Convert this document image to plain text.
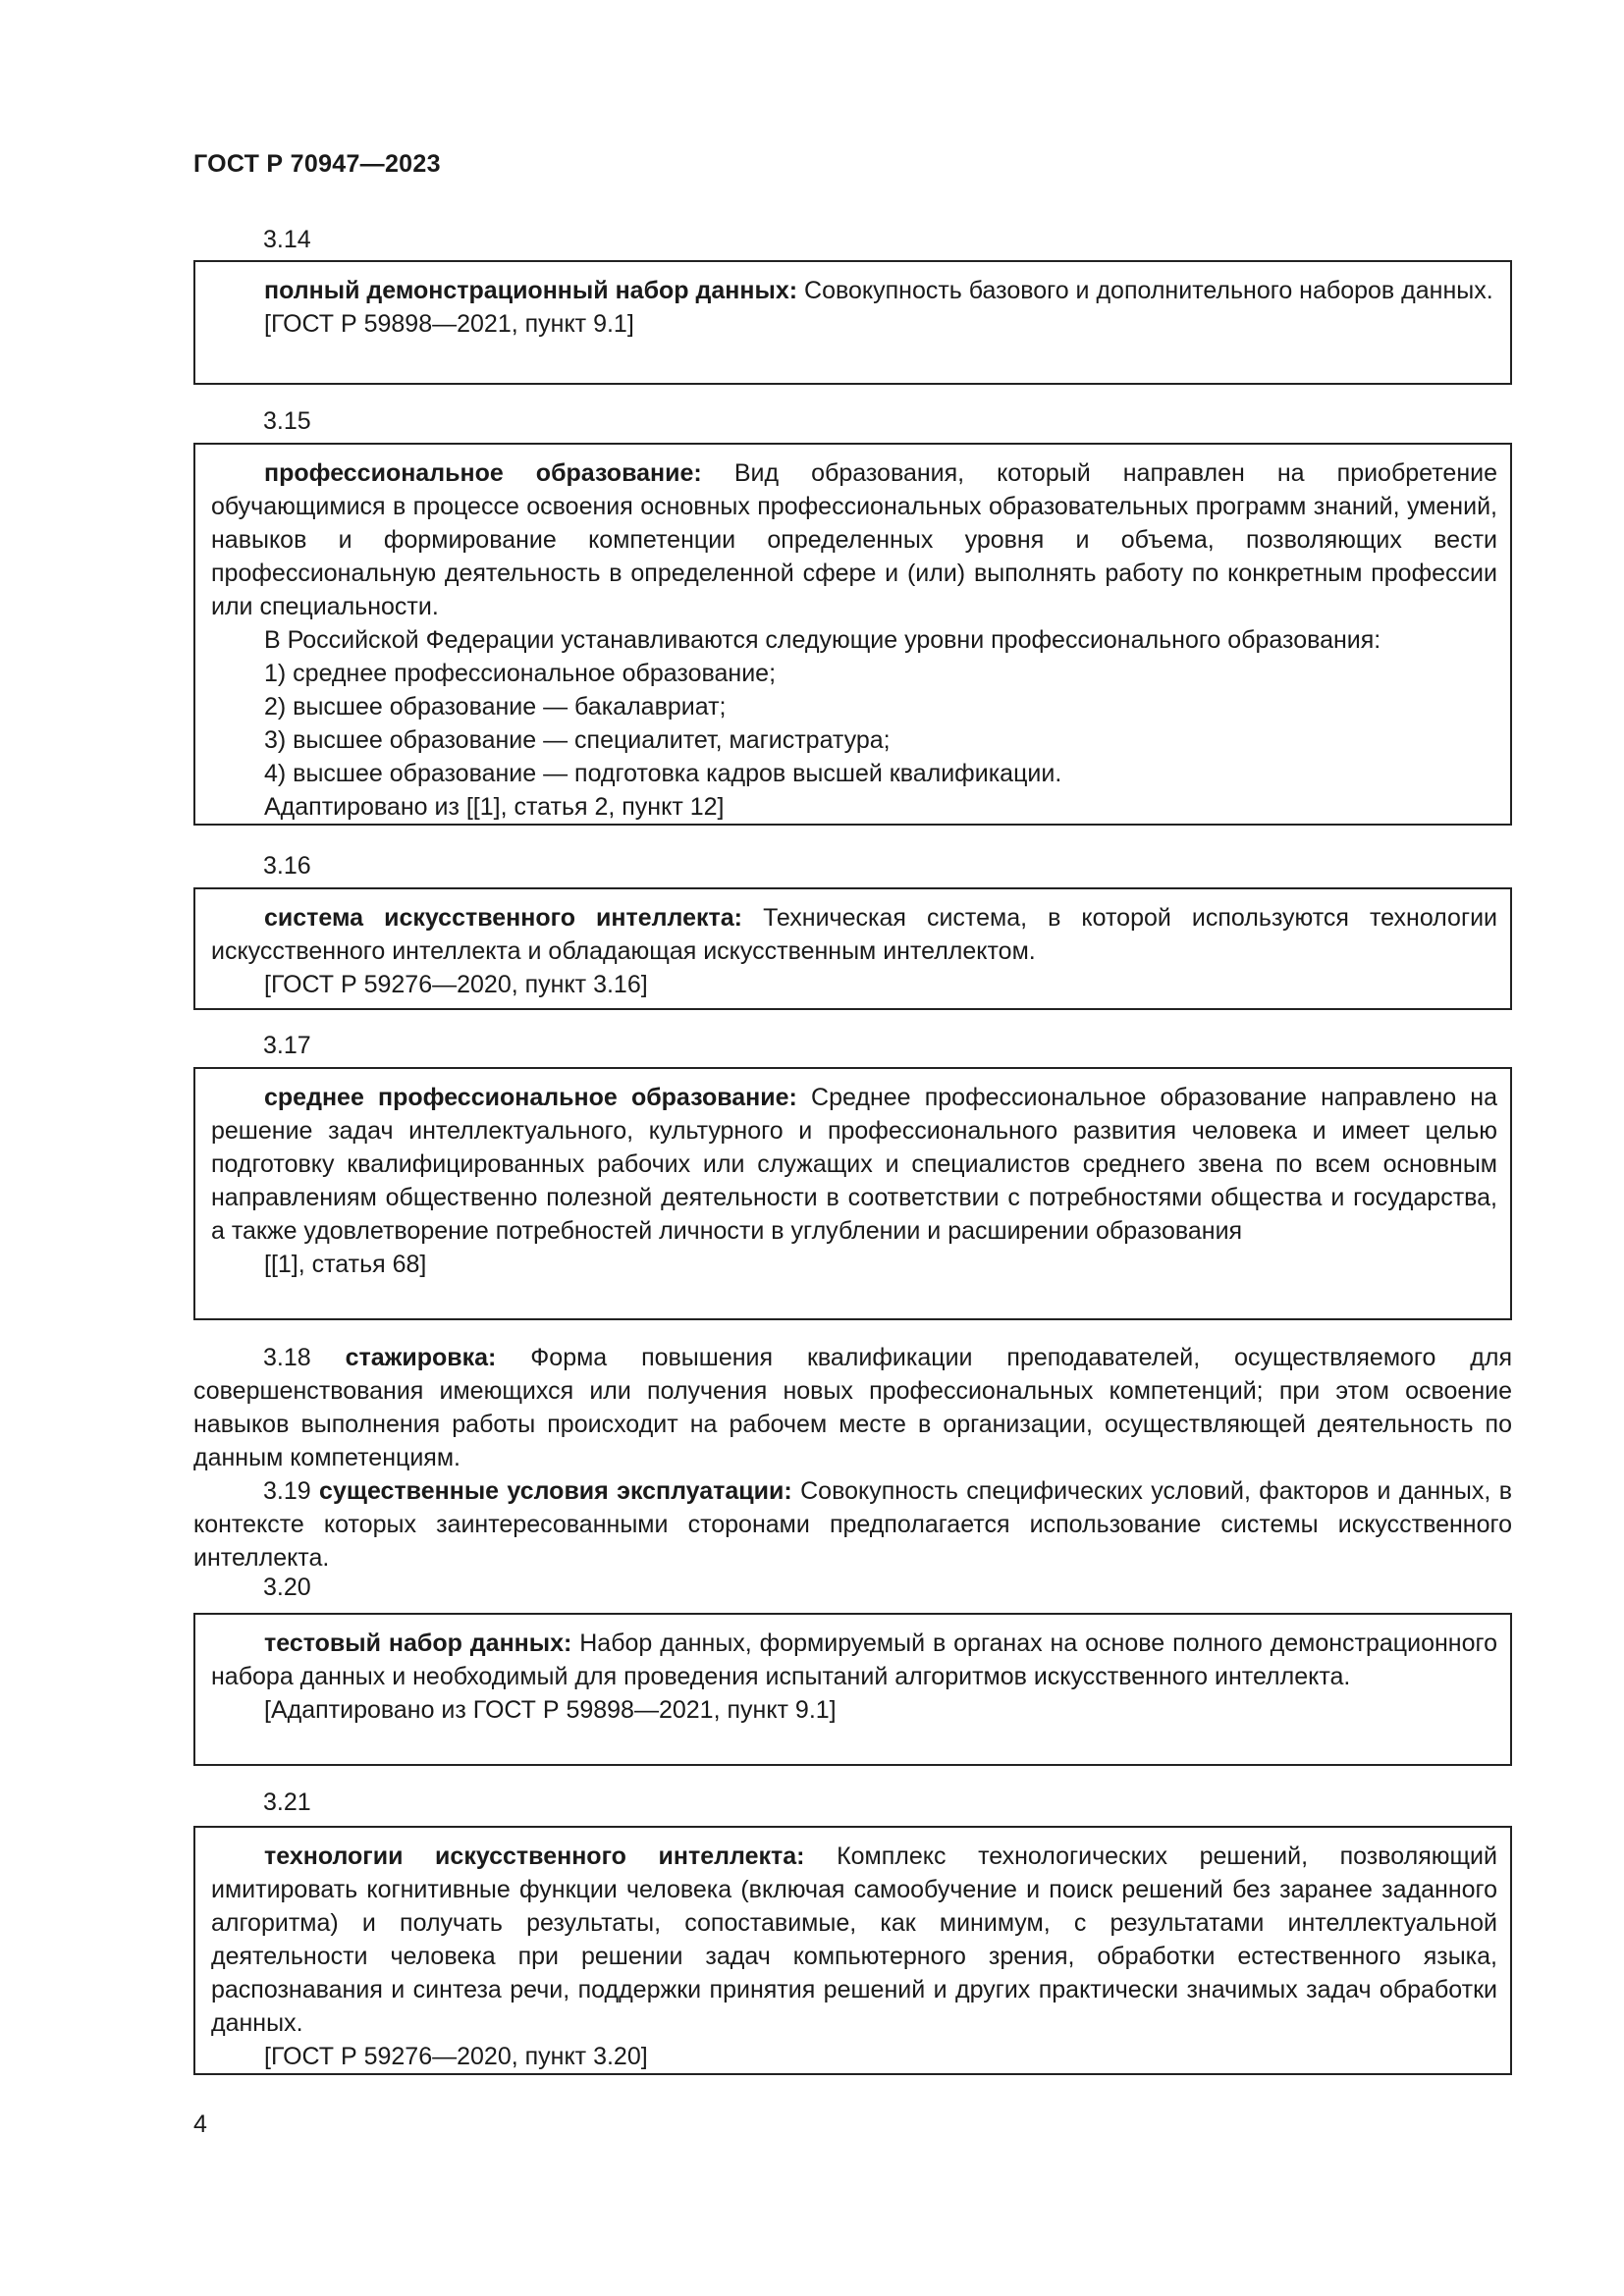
ГОСТ Р 70947—2023
3.14

полный демонстрационный набор данных: Совокупность базового и дополнительного наборов данных.

[ГОСТ Р 59898—2021, пункт 9.1]

3.15

профессиональное образование: Вид образования, который направлен на приобретение обучающимися в процессе освоения основных профессиональных образовательных программ знаний, умений, навыков и формирование компетенции определенных уровня и объема, позволяющих вести профессиональную деятельность в определенной сфере и (или) выполнять работу по конкретным профессии или специальности.

В Российской Федерации устанавливаются следующие уровни профессионального образования:

1) среднее профессиональное образование;

2) высшее образование — бакалавриат;

3) высшее образование — специалитет, магистратура;

4) высшее образование — подготовка кадров высшей квалификации.

Адаптировано из [[1], статья 2, пункт 12]

3.16

система искусственного интеллекта: Техническая система, в которой используются технологии искусственного интеллекта и обладающая искусственным интеллектом.

[ГОСТ Р 59276—2020, пункт 3.16]

3.17

среднее профессиональное образование: Среднее профессиональное образование направлено на решение задач интеллектуального, культурного и профессионального развития человека и имеет целью подготовку квалифицированных рабочих или служащих и специалистов среднего звена по всем основным направлениям общественно полезной деятельности в соответствии с потребностями общества и государства, а также удовлетворение потребностей личности в углублении и расширении образования

[[1], статья 68]

3.18 стажировка: Форма повышения квалификации преподавателей, осуществляемого для совершенствования имеющихся или получения новых профессиональных компетенций; при этом освоение навыков выполнения работы происходит на рабочем месте в организации, осуществляющей деятельность по данным компетенциям.

3.19 существенные условия эксплуатации: Совокупность специфических условий, факторов и данных, в контексте которых заинтересованными сторонами предполагается использование системы искусственного интеллекта.

3.20

тестовый набор данных: Набор данных, формируемый в органах на основе полного демонстрационного набора данных и необходимый для проведения испытаний алгоритмов искусственного интеллекта.

[Адаптировано из ГОСТ Р 59898—2021, пункт 9.1]

3.21

технологии искусственного интеллекта: Комплекс технологических решений, позволяющий имитировать когнитивные функции человека (включая самообучение и поиск решений без заранее заданного алгоритма) и получать результаты, сопоставимые, как минимум, с результатами интеллектуальной деятельности человека при решении задач компьютерного зрения, обработки естественного языка, распознавания и синтеза речи, поддержки принятия решений и других практически значимых задач обработки данных.

[ГОСТ Р 59276—2020, пункт 3.20]

4
